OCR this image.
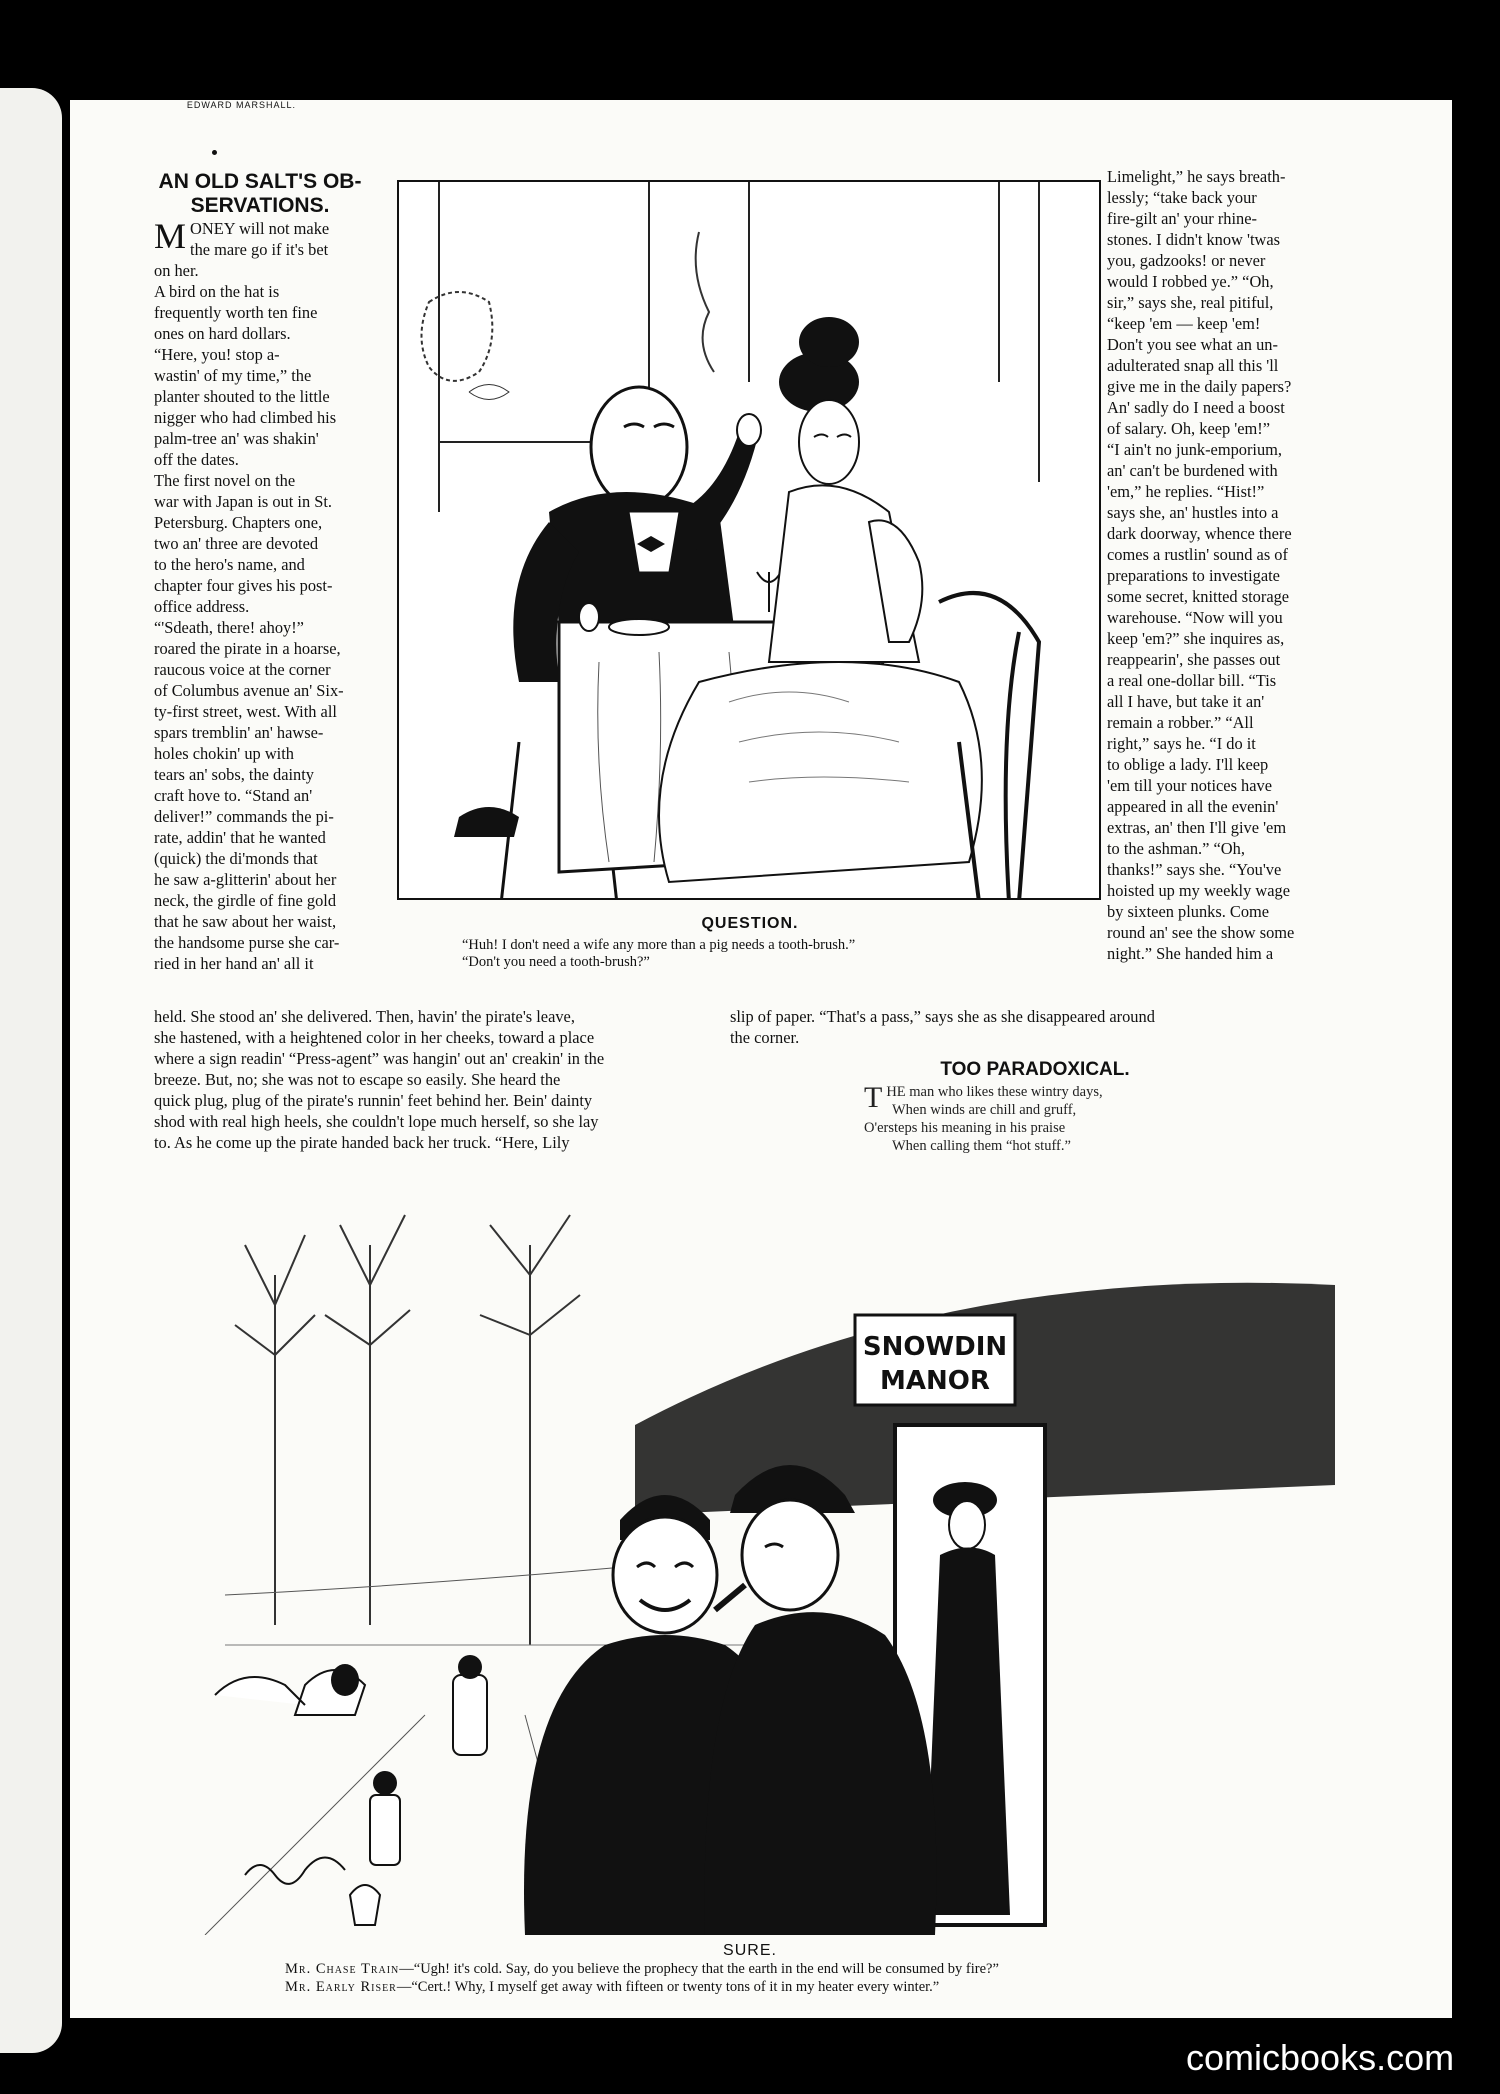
AN OLD SALT'S OB-
SERVATIONS.
M ONEY will not make
the mare go if it's bet
on her.

A bird on the hat is
frequently worth ten fine
ones on hard dollars.

“Here, you! stop a-
wastin' of my time,” the
planter shouted to the little
nigger who had climbed his
palm-tree an' was shakin'
off the dates.

The first novel on the
war with Japan is out in St.
Petersburg. Chapters one,
two an' three are devoted
to the hero's name, and
chapter four gives his post-
office address.

“'Sdeath, there! ahoy!”
roared the pirate in a hoarse,
raucous voice at the corner
of Columbus avenue an' Six-
ty-first street, west. With all
spars tremblin' an' hawse-
holes chokin' up with
tears an' sobs, the dainty
craft hove to. “Stand an'
deliver!” commands the pi-
rate, addin' that he wanted
(quick) the di'monds that
he saw a-glitterin' about her
neck, the girdle of fine gold
that he saw about her waist,
the handsome purse she car-
ried in her hand an' all it

QUESTION.
“Huh! I don't need a wife any more than a pig needs a tooth-brush.”
“Don't you need a tooth-brush?”

Limelight,” he says breath-
lessly; “take back your
fire-gilt an' your rhine-
stones. I didn't know 'twas
you, gadzooks! or never
would I robbed ye.” “Oh,
sir,” says she, real pitiful,
“keep 'em — keep 'em!
Don't you see what an un-
adulterated snap all this 'll
give me in the daily papers?
An' sadly do I need a boost
of salary. Oh, keep 'em!”
“I ain't no junk-emporium,
an' can't be burdened with
'em,” he replies. “Hist!”
says she, an' hustles into a
dark doorway, whence there
comes a rustlin' sound as of
preparations to investigate
some secret, knitted storage
warehouse. “Now will you
keep 'em?” she inquires as,
reappearin', she passes out
a real one-dollar bill. “Tis
all I have, but take it an'
remain a robber.” “All
right,” says he. “I do it
to oblige a lady. I'll keep
'em till your notices have
appeared in all the evenin'
extras, an' then I'll give 'em
to the ashman.” “Oh,
thanks!” says she. “You've
hoisted up my weekly wage
by sixteen plunks. Come
round an' see the show some
night.” She handed him a

held. She stood an' she delivered. Then, havin' the pirate's leave,
she hastened, with a heightened color in her cheeks, toward a place
where a sign readin' “Press-agent” was hangin' out an' creakin' in the
breeze. But, no; she was not to escape so easily. She heard the
quick plug, plug of the pirate's runnin' feet behind her. Bein' dainty
shod with real high heels, she couldn't lope much herself, so she lay
to. As he come up the pirate handed back her truck. “Here, Lily

slip of paper. “That's a pass,” says she as she disappeared around
the corner.

EDWARD MARSHALL.
TOO PARADOXICAL.
T HE man who likes these wintry days,
When winds are chill and gruff,
O'ersteps his meaning in his praise
When calling them “hot stuff.”
SNOWDIN
MANOR
SURE.
Mr. Chase Train—“Ugh! it's cold. Say, do you believe the prophecy that the earth in the end will be consumed by fire?”
Mr. Early Riser—“Cert.! Why, I myself get away with fifteen or twenty tons of it in my heater every winter.”
comicbooks.com
